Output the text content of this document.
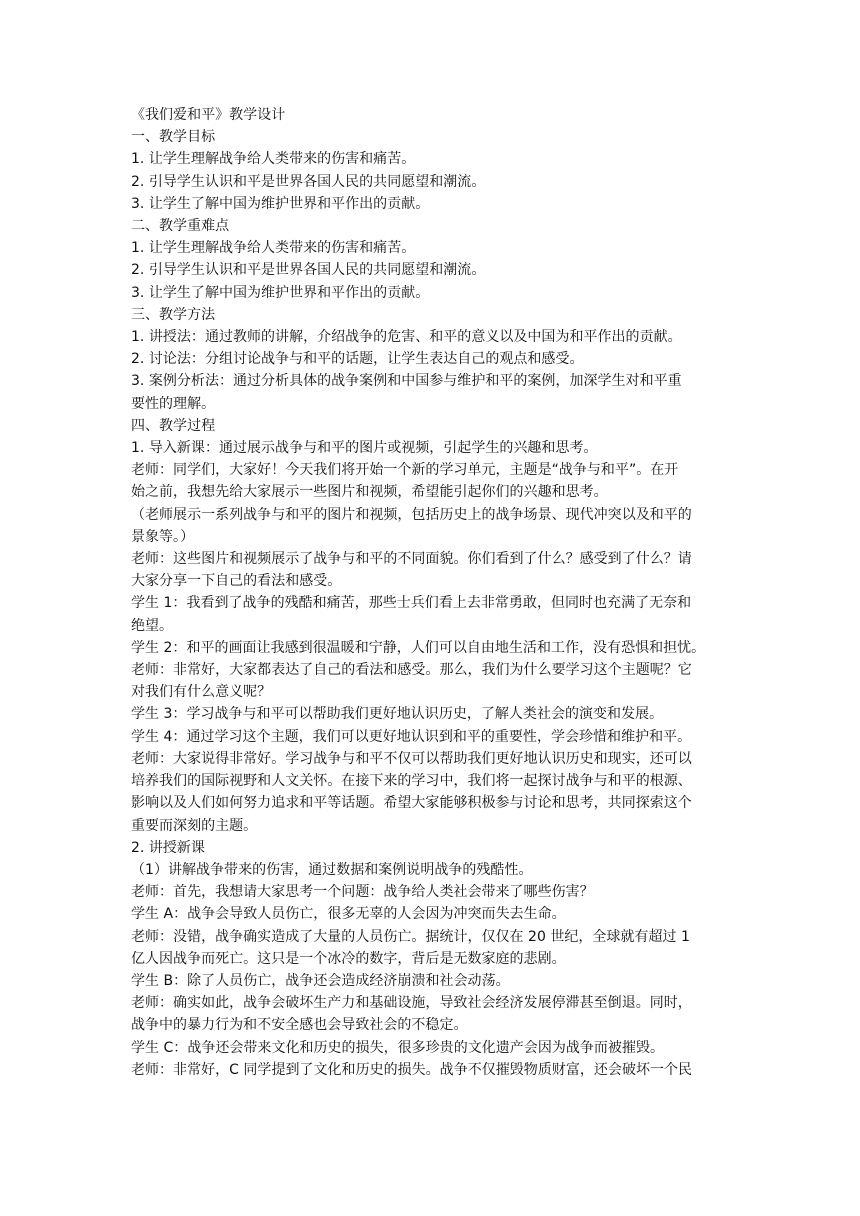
《我们爱和平》教学设计
一、教学目标
1. 让学生理解战争给人类带来的伤害和痛苦。
2. 引导学生认识和平是世界各国人民的共同愿望和潮流。
3. 让学生了解中国为维护世界和平作出的贡献。
二、教学重难点
1. 让学生理解战争给人类带来的伤害和痛苦。
2. 引导学生认识和平是世界各国人民的共同愿望和潮流。
3. 让学生了解中国为维护世界和平作出的贡献。
三、教学方法
1. 讲授法：通过教师的讲解，介绍战争的危害、和平的意义以及中国为和平作出的贡献。
2. 讨论法：分组讨论战争与和平的话题，让学生表达自己的观点和感受。
3. 案例分析法：通过分析具体的战争案例和中国参与维护和平的案例，加深学生对和平重
要性的理解。
四、教学过程
1. 导入新课：通过展示战争与和平的图片或视频，引起学生的兴趣和思考。
老师：同学们，大家好！今天我们将开始一个新的学习单元，主题是“战争与和平”。在开
始之前，我想先给大家展示一些图片和视频，希望能引起你们的兴趣和思考。
（老师展示一系列战争与和平的图片和视频，包括历史上的战争场景、现代冲突以及和平的
景象等。）
老师：这些图片和视频展示了战争与和平的不同面貌。你们看到了什么？感受到了什么？请
大家分享一下自己的看法和感受。
学生 1：我看到了战争的残酷和痛苦，那些士兵们看上去非常勇敢，但同时也充满了无奈和
绝望。
学生 2：和平的画面让我感到很温暖和宁静，人们可以自由地生活和工作，没有恐惧和担忧。
老师：非常好，大家都表达了自己的看法和感受。那么，我们为什么要学习这个主题呢？它
对我们有什么意义呢？
学生 3：学习战争与和平可以帮助我们更好地认识历史，了解人类社会的演变和发展。
学生 4：通过学习这个主题，我们可以更好地认识到和平的重要性，学会珍惜和维护和平。
老师：大家说得非常好。学习战争与和平不仅可以帮助我们更好地认识历史和现实，还可以
培养我们的国际视野和人文关怀。在接下来的学习中，我们将一起探讨战争与和平的根源、
影响以及人们如何努力追求和平等话题。希望大家能够积极参与讨论和思考，共同探索这个
重要而深刻的主题。
2. 讲授新课
（1）讲解战争带来的伤害，通过数据和案例说明战争的残酷性。
老师：首先，我想请大家思考一个问题：战争给人类社会带来了哪些伤害？
学生 A：战争会导致人员伤亡，很多无辜的人会因为冲突而失去生命。
老师：没错，战争确实造成了大量的人员伤亡。据统计，仅仅在 20 世纪，全球就有超过 1
亿人因战争而死亡。这只是一个冰冷的数字，背后是无数家庭的悲剧。
学生 B：除了人员伤亡，战争还会造成经济崩溃和社会动荡。
老师：确实如此，战争会破坏生产力和基础设施，导致社会经济发展停滞甚至倒退。同时，
战争中的暴力行为和不安全感也会导致社会的不稳定。
学生 C：战争还会带来文化和历史的损失，很多珍贵的文化遗产会因为战争而被摧毁。
老师：非常好，C 同学提到了文化和历史的损失。战争不仅摧毁物质财富，还会破坏一个民
